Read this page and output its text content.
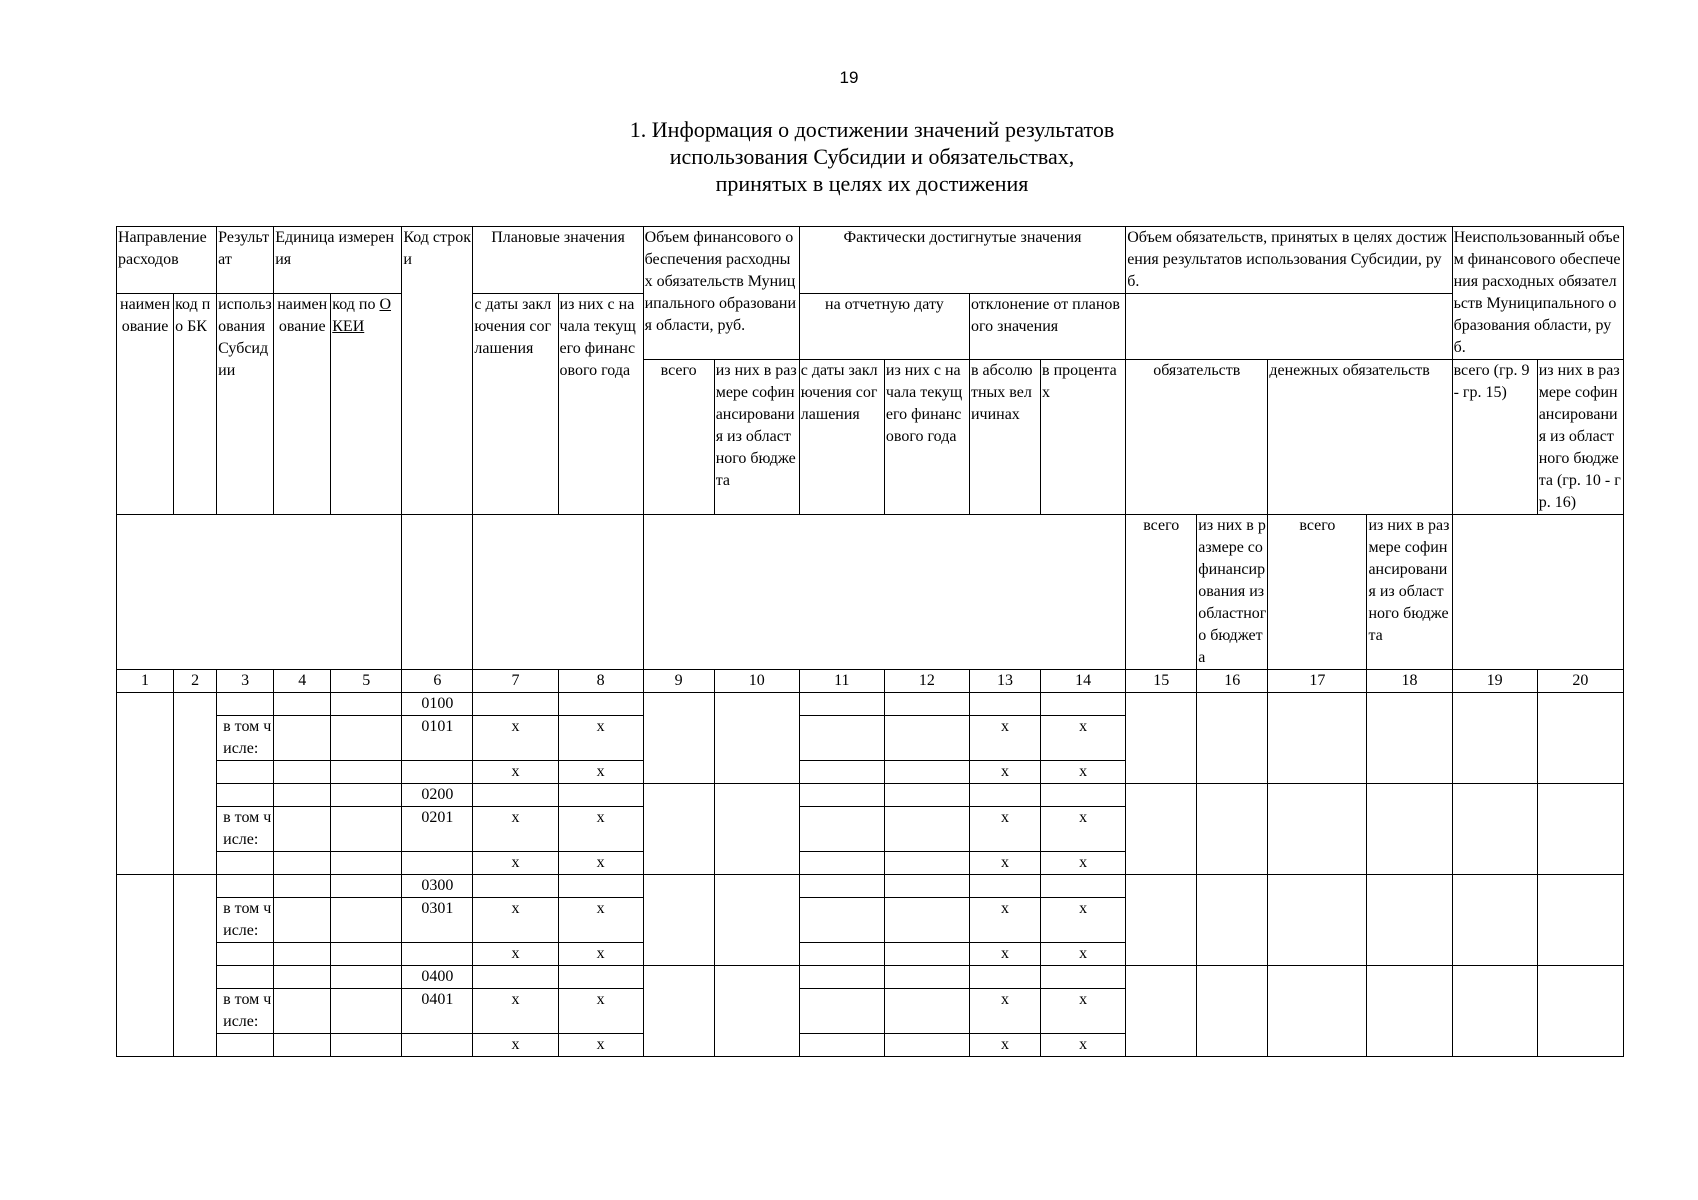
19
1. Информация о достижении значений результатов
использования Субсидии и обязательствах,
принятых в целях их достижения
Направление расходов		Результат	Единица измерения		Код строки	Плановые значения		Объем финансового обеспечения расходных обязательств Муниципального образования области, руб.		Фактически достигнутые значения				Объем обязательств, принятых в целях достижения результатов использования Субсидии, руб.				Неиспользованный объем финансового обеспечения расходных обязательств Муниципального образования области, руб.	
наименование	код по БК	использования Субсидии	наименование	код по ОКЕИ		с даты заключения соглашения	из них с начала текущего финансового года			на отчетную дату		отклонение от планового значения							
								всего	из них в размере софинансирования из областного бюджета	с даты заключения соглашения	из них с начала текущего финансового года	в абсолютных величинах	в процентах	обязательств		денежных обязательств		всего (гр. 9 - гр. 15)	из них в размере софинансирования из областного бюджета (гр. 10 - гр. 16)
														всего	из них в размере софинансирования из областного бюджета	всего	из них в размере софинансирования из областного бюджета		
1	2	3	4	5	6	7	8	9	10	11	12	13	14	15	16	17	18	19	20
					0100														
		в том числе:			0101	x	x					x	x						
						x	x					x	x						
					0200														
		в том числе:			0201	x	x					x	x						
						x	x					x	x						
					0300														
		в том числе:			0301	x	x					x	x						
						x	x					x	x						
					0400														
		в том числе:			0401	x	x					x	x						
						x	x					x	x						
